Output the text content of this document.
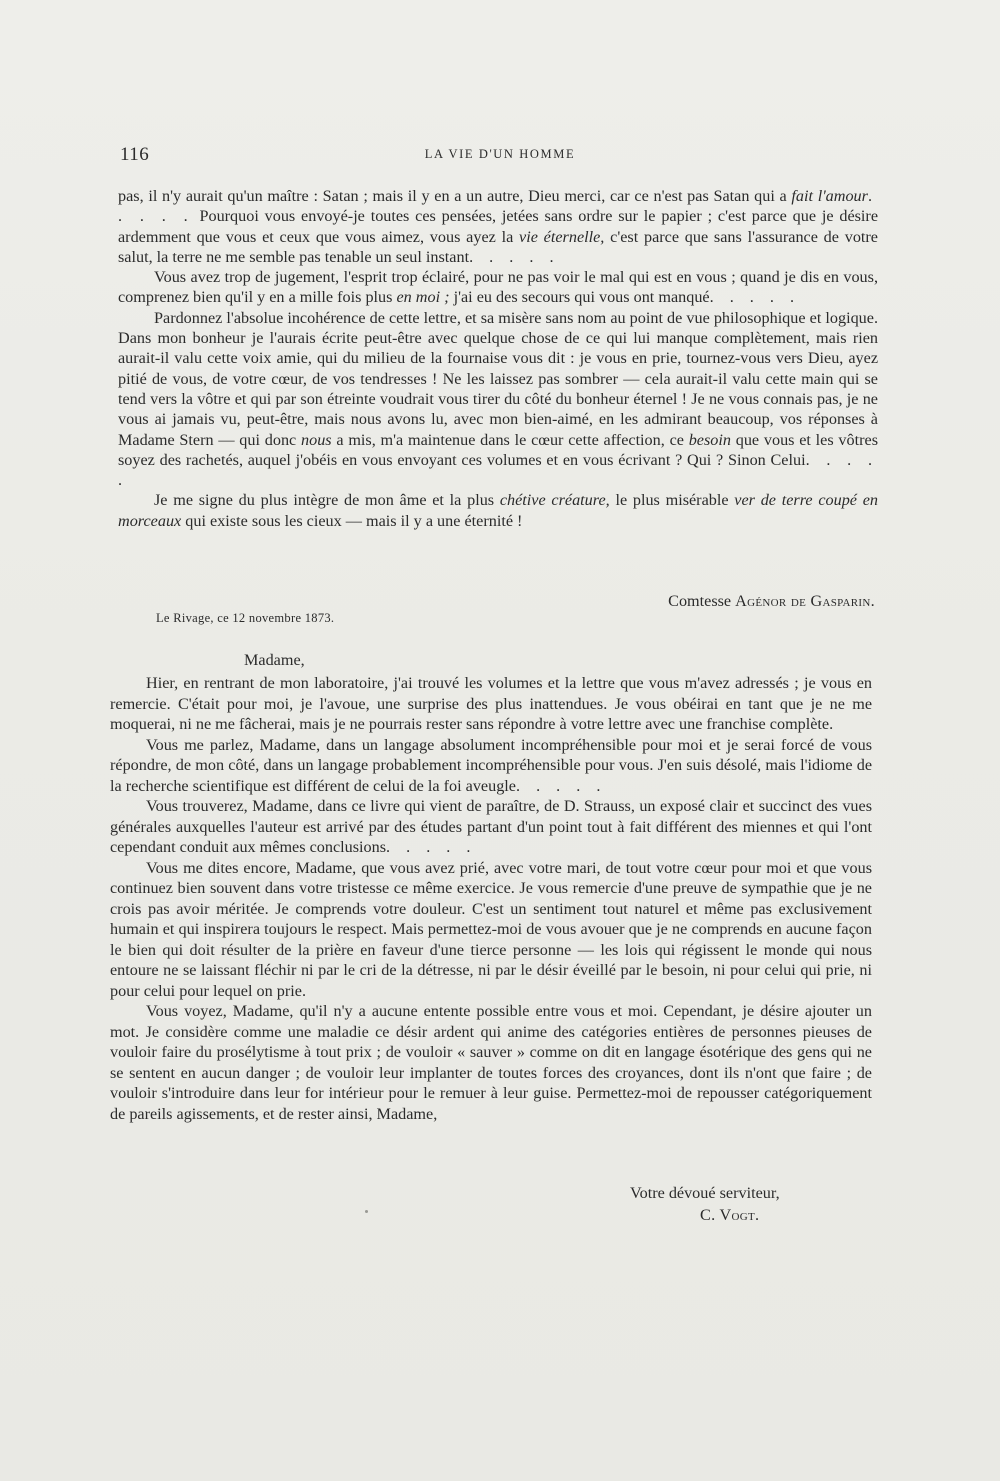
116	LA VIE D'UN HOMME

pas, il n'y aurait qu'un maître : Satan ; mais il y en a un autre, Dieu merci, car ce n'est pas Satan qui a fait l'amour. . . . . Pourquoi vous envoyé-je toutes ces pensées, jetées sans ordre sur le papier ; c'est parce que je désire ardemment que vous et ceux que vous aimez, vous ayez la vie éternelle, c'est parce que sans l'assurance de votre salut, la terre ne me semble pas tenable un seul instant. . . . .

Vous avez trop de jugement, l'esprit trop éclairé, pour ne pas voir le mal qui est en vous ; quand je dis en vous, comprenez bien qu'il y en a mille fois plus en moi ; j'ai eu des secours qui vous ont manqué. . . . .

Pardonnez l'absolue incohérence de cette lettre, et sa misère sans nom au point de vue philosophique et logique. Dans mon bonheur je l'aurais écrite peut-être avec quelque chose de ce qui lui manque complètement, mais rien aurait-il valu cette voix amie, qui du milieu de la fournaise vous dit : je vous en prie, tournez-vous vers Dieu, ayez pitié de vous, de votre cœur, de vos tendresses ! Ne les laissez pas sombrer — cela aurait-il valu cette main qui se tend vers la vôtre et qui par son étreinte voudrait vous tirer du côté du bonheur éternel ! Je ne vous connais pas, je ne vous ai jamais vu, peut-être, mais nous avons lu, avec mon bien-aimé, en les admirant beaucoup, vos réponses à Madame Stern — qui donc nous a mis, m'a maintenue dans le cœur cette affection, ce besoin que vous et les vôtres soyez des rachetés, auquel j'obéis en vous envoyant ces volumes et en vous écrivant ? Qui ? Sinon Celui. . . . .

Je me signe du plus intègre de mon âme et la plus chétive créature, le plus misérable ver de terre coupé en morceaux qui existe sous les cieux — mais il y a une éternité !

Comtesse Agénor de Gasparin.
Le Rivage, ce 12 novembre 1873.
Madame,

Hier, en rentrant de mon laboratoire, j'ai trouvé les volumes et la lettre que vous m'avez adressés ; je vous en remercie. C'était pour moi, je l'avoue, une surprise des plus inattendues. Je vous obéirai en tant que je ne me moquerai, ni ne me fâcherai, mais je ne pourrais rester sans répondre à votre lettre avec une franchise complète.

Vous me parlez, Madame, dans un langage absolument incompréhensible pour moi et je serai forcé de vous répondre, de mon côté, dans un langage probablement incompréhensible pour vous. J'en suis désolé, mais l'idiome de la recherche scientifique est différent de celui de la foi aveugle. . . . .

Vous trouverez, Madame, dans ce livre qui vient de paraître, de D. Strauss, un exposé clair et succinct des vues générales auxquelles l'auteur est arrivé par des études partant d'un point tout à fait différent des miennes et qui l'ont cependant conduit aux mêmes conclusions. . . . .

Vous me dites encore, Madame, que vous avez prié, avec votre mari, de tout votre cœur pour moi et que vous continuez bien souvent dans votre tristesse ce même exercice. Je vous remercie d'une preuve de sympathie que je ne crois pas avoir méritée. Je comprends votre douleur. C'est un sentiment tout naturel et même pas exclusivement humain et qui inspirera toujours le respect. Mais permettez-moi de vous avouer que je ne comprends en aucune façon le bien qui doit résulter de la prière en faveur d'une tierce personne — les lois qui régissent le monde qui nous entoure ne se laissant fléchir ni par le cri de la détresse, ni par le désir éveillé par le besoin, ni pour celui qui prie, ni pour celui pour lequel on prie.

Vous voyez, Madame, qu'il n'y a aucune entente possible entre vous et moi. Cependant, je désire ajouter un mot. Je considère comme une maladie ce désir ardent qui anime des catégories entières de personnes pieuses de vouloir faire du prosélytisme à tout prix ; de vouloir « sauver » comme on dit en langage ésotérique des gens qui ne se sentent en aucun danger ; de vouloir leur implanter de toutes forces des croyances, dont ils n'ont que faire ; de vouloir s'introduire dans leur for intérieur pour le remuer à leur guise. Permettez-moi de repousser catégoriquement de pareils agissements, et de rester ainsi, Madame,

Votre dévoué serviteur,
C. Vogt.
